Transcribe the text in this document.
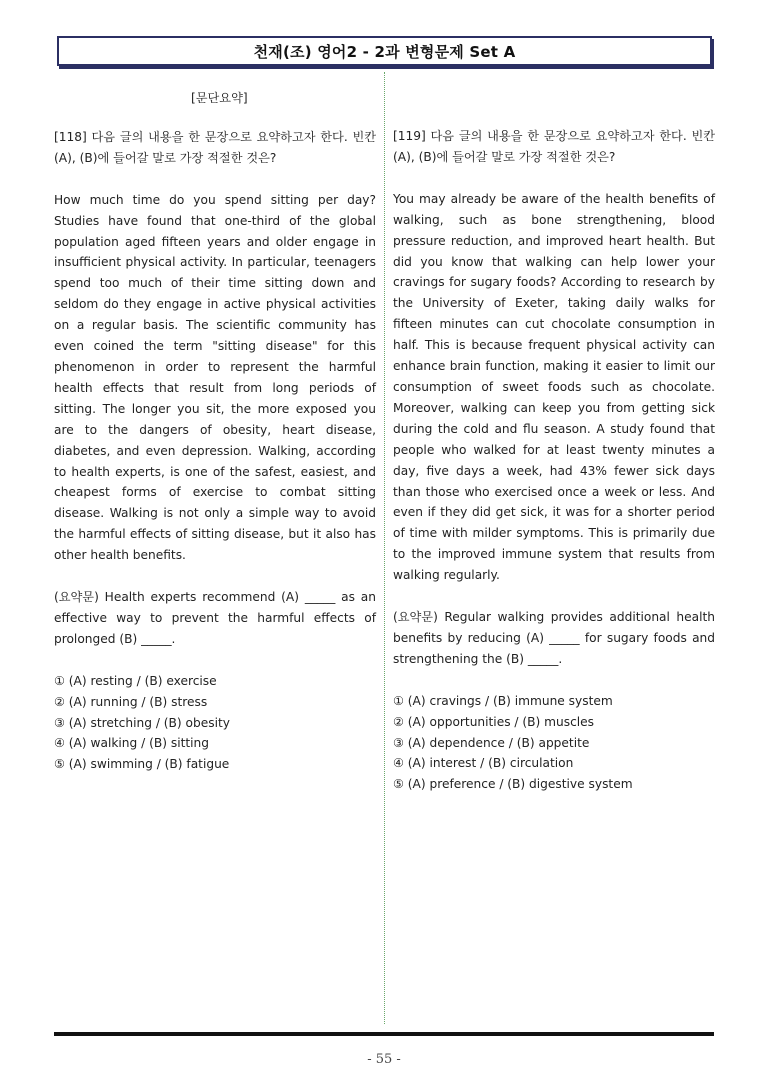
천재(조) 영어2 - 2과 변형문제 Set A
[문단요약]
[118] 다음 글의 내용을 한 문장으로 요약하고자 한다. 빈칸 (A), (B)에 들어갈 말로 가장 적절한 것은?
How much time do you spend sitting per day? Studies have found that one-third of the global population aged fifteen years and older engage in insufficient physical activity. In particular, teenagers spend too much of their time sitting down and seldom do they engage in active physical activities on a regular basis. The scientific community has even coined the term "sitting disease" for this phenomenon in order to represent the harmful health effects that result from long periods of sitting. The longer you sit, the more exposed you are to the dangers of obesity, heart disease, diabetes, and even depression. Walking, according to health experts, is one of the safest, easiest, and cheapest forms of exercise to combat sitting disease. Walking is not only a simple way to avoid the harmful effects of sitting disease, but it also has other health benefits.
(요약문) Health experts recommend (A) _____ as an effective way to prevent the harmful effects of prolonged (B) _____.
① (A) resting / (B) exercise
② (A) running / (B) stress
③ (A) stretching / (B) obesity
④ (A) walking / (B) sitting
⑤ (A) swimming / (B) fatigue
[119] 다음 글의 내용을 한 문장으로 요약하고자 한다. 빈칸 (A), (B)에 들어갈 말로 가장 적절한 것은?
You may already be aware of the health benefits of walking, such as bone strengthening, blood pressure reduction, and improved heart health. But did you know that walking can help lower your cravings for sugary foods? According to research by the University of Exeter, taking daily walks for fifteen minutes can cut chocolate consumption in half. This is because frequent physical activity can enhance brain function, making it easier to limit our consumption of sweet foods such as chocolate. Moreover, walking can keep you from getting sick during the cold and flu season. A study found that people who walked for at least twenty minutes a day, five days a week, had 43% fewer sick days than those who exercised once a week or less. And even if they did get sick, it was for a shorter period of time with milder symptoms. This is primarily due to the improved immune system that results from walking regularly.
(요약문) Regular walking provides additional health benefits by reducing (A) _____ for sugary foods and strengthening the (B) _____.
① (A) cravings / (B) immune system
② (A) opportunities / (B) muscles
③ (A) dependence / (B) appetite
④ (A) interest / (B) circulation
⑤ (A) preference / (B) digestive system
- 55 -
